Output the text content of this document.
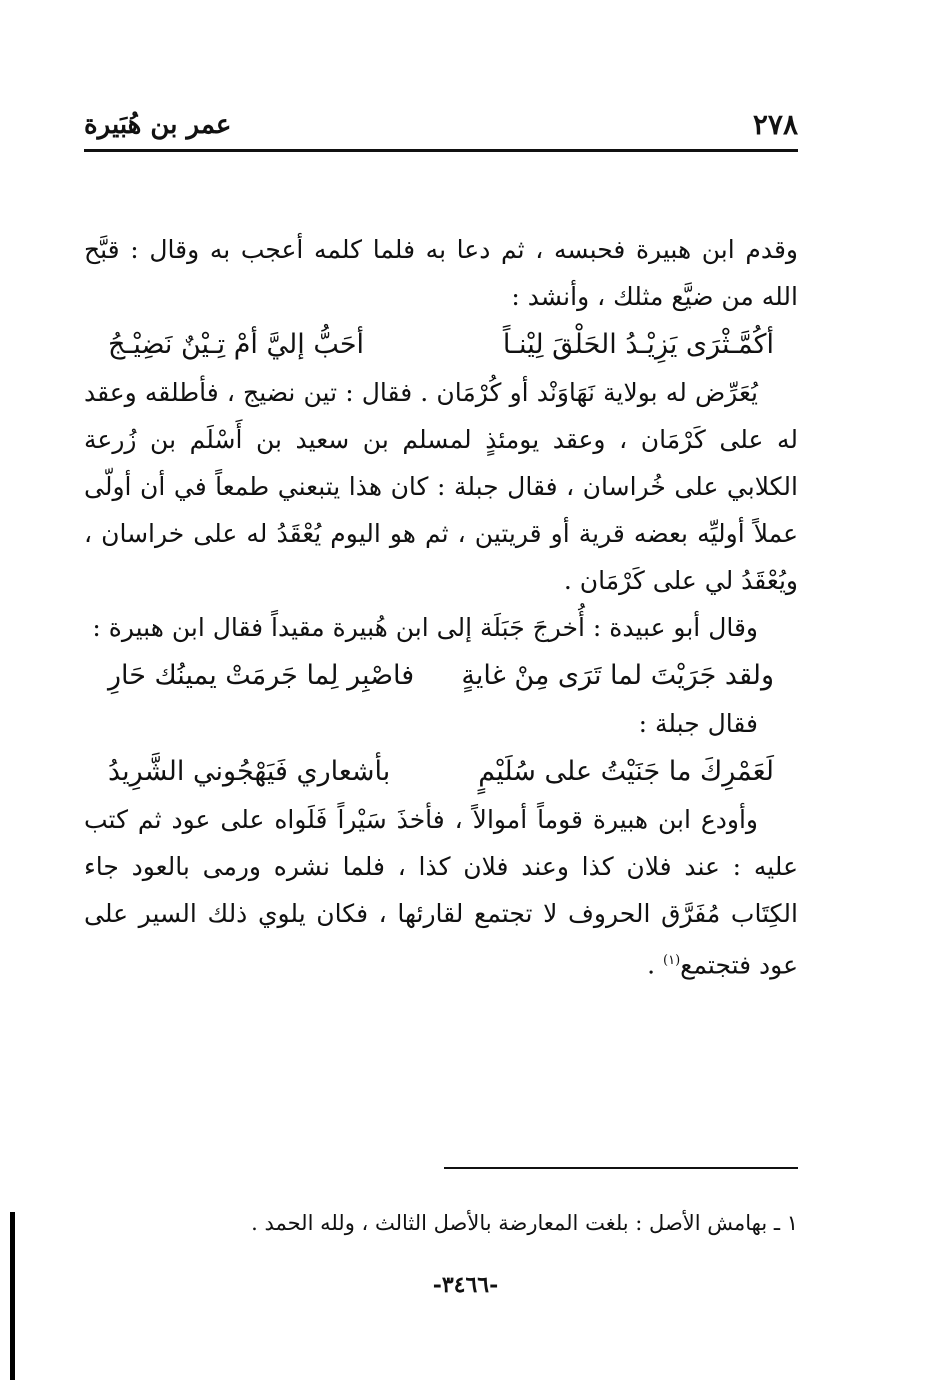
٢٧٨
عمر بن هُبَيرة

وقدم ابن هبيرة فحبسه ، ثم دعا به فلما كلمه أعجب به وقال : قبَّح الله من ضيَّع مثلك ، وأنشد :

أكُمَّـثْرَى يَزِيْـدُ الحَلْقَ لِيْنـاً
أحَبُّ إليَّ أمْ تِـيْنٌ نَضِيْـجُ

يُعَرِّض له بولاية نَهَاوَنْد أو كُرْمَان . فقال : تين نضيج ، فأطلقه وعقد له على كَرْمَان ، وعقد يومئذٍ لمسلم بن سعيد بن أَسْلَم بن زُرعة الكلابي على خُراسان ، فقال جبلة : كان هذا يتبعني طمعاً في أن أولّى عملاً أوليِّه بعضه قرية أو قريتين ، ثم هو اليوم يُعْقَدُ له على خراسان ، ويُعْقَدُ لي على كَرْمَان .

وقال أبو عبيدة : أُخرجَ جَبَلَة إلى ابن هُبيرة مقيداً فقال ابن هبيرة :

ولقد جَرَيْتَ لما تَرَى مِنْ غايةٍ
فاصْبِر لِما جَرمَتْ يمينُك حَارِ

فقال جبلة :

لَعَمْرِكَ ما جَنَيْتُ على سُلَيْمٍ
بأشعاري فَيَهْجُوني الشَّرِيدُ

وأودع ابن هبيرة قوماً أموالاً ، فأخذَ سَيْراً فَلَواه على عود ثم كتب عليه : عند فلان كذا وعند فلان كذا ، فلما نشره ورمى بالعود جاء الكِتَاب مُفَرَّق الحروف لا تجتمع لقارئها ، فكان يلوي ذلك السير على عود فتجتمع$^{(١)}$ .

١ ـ بهامش الأصل : بلغت المعارضة بالأصل الثالث ، ولله الحمد .
-٣٤٦٦-
